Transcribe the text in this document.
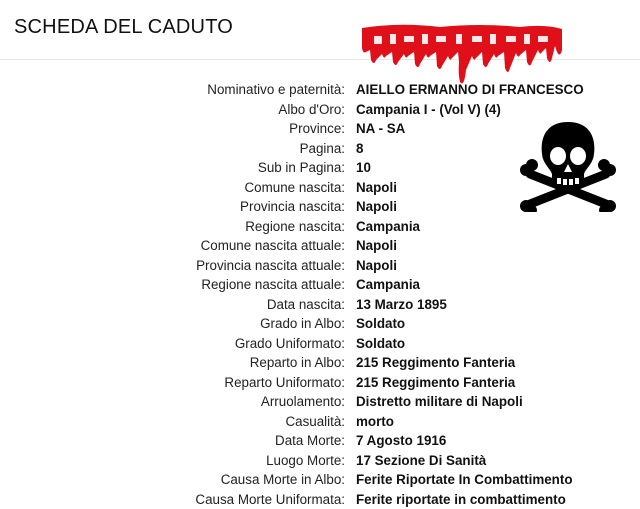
SCHEDA DEL CADUTO
Nominativo e paternità: AIELLO ERMANNO DI FRANCESCO
Albo d'Oro: Campania I - (Vol V) (4)
Province: NA - SA
Pagina: 8
Sub in Pagina: 10
Comune nascita: Napoli
Provincia nascita: Napoli
Regione nascita: Campania
Comune nascita attuale: Napoli
Provincia nascita attuale: Napoli
Regione nascita attuale: Campania
Data nascita: 13 Marzo 1895
Grado in Albo: Soldato
Grado Uniformato: Soldato
Reparto in Albo: 215 Reggimento Fanteria
Reparto Uniformato: 215 Reggimento Fanteria
Arruolamento: Distretto militare di Napoli
Casualità: morto
Data Morte: 7 Agosto 1916
Luogo Morte: 17 Sezione Di Sanità
Causa Morte in Albo: Ferite Riportate In Combattimento
Causa Morte Uniformata: Ferite riportate in combattimento
